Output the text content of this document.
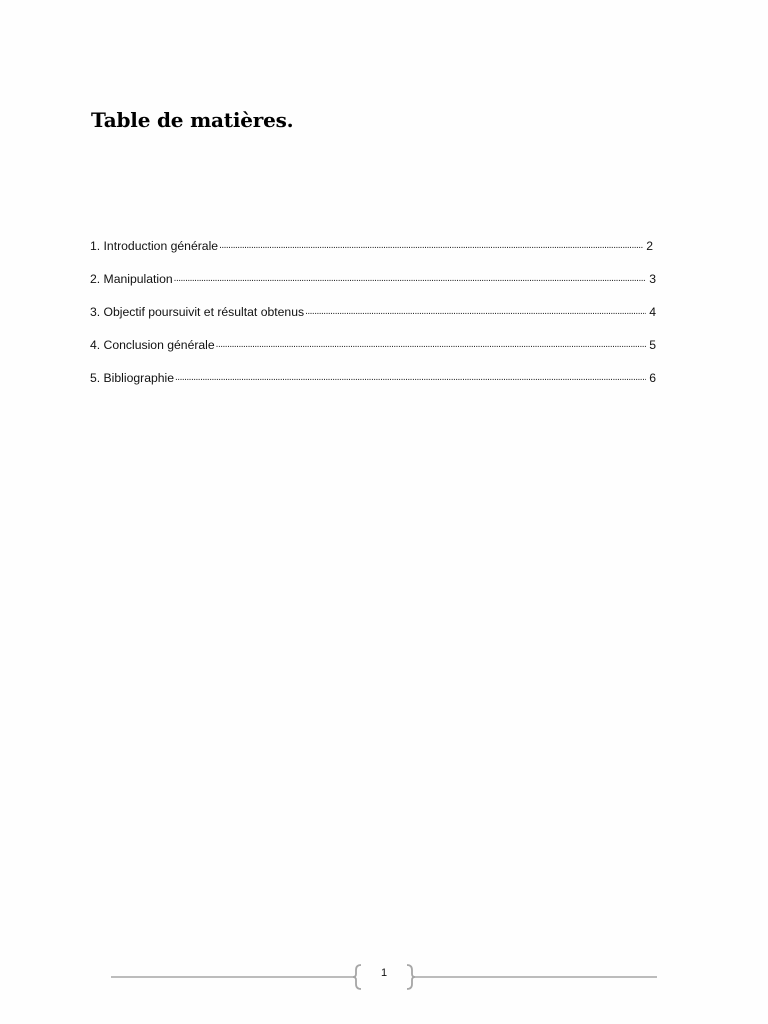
Table de matières.
1. Introduction générale .....	2
2. Manipulation .....	3
3. Objectif poursuivit et résultat obtenus .....	4
4. Conclusion générale .....	5
5. Bibliographie .....	6
1
